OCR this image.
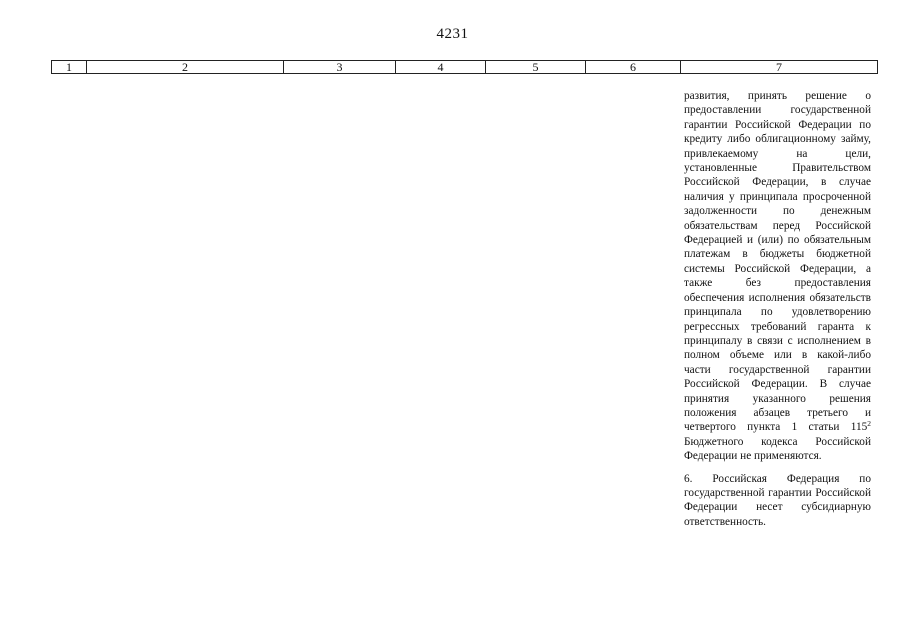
4231
1	2	3	4	5	6	7

развития, принять решение о предоставлении государственной гарантии Российской Федерации по кредиту либо облигационному займу, привлекаемому на цели, установленные Правительством Российской Федерации, в случае наличия у принципала просроченной задолженности по денежным обязательствам перед Российской Федерацией и (или) по обязательным платежам в бюджеты бюджетной системы Российской Федерации, а также без предоставления обеспечения исполнения обязательств принципала по удовлетворению регрессных требований гаранта к принципалу в связи с исполнением в полном объеме или в какой-либо части государственной гарантии Российской Федерации. В случае принятия указанного решения положения абзацев третьего и четвертого пункта 1 статьи $115^2$ Бюджетного кодекса Российской Федерации не применяются.

6. Российская Федерация по государственной гарантии Российской Федерации несет субсидиарную ответственность.
